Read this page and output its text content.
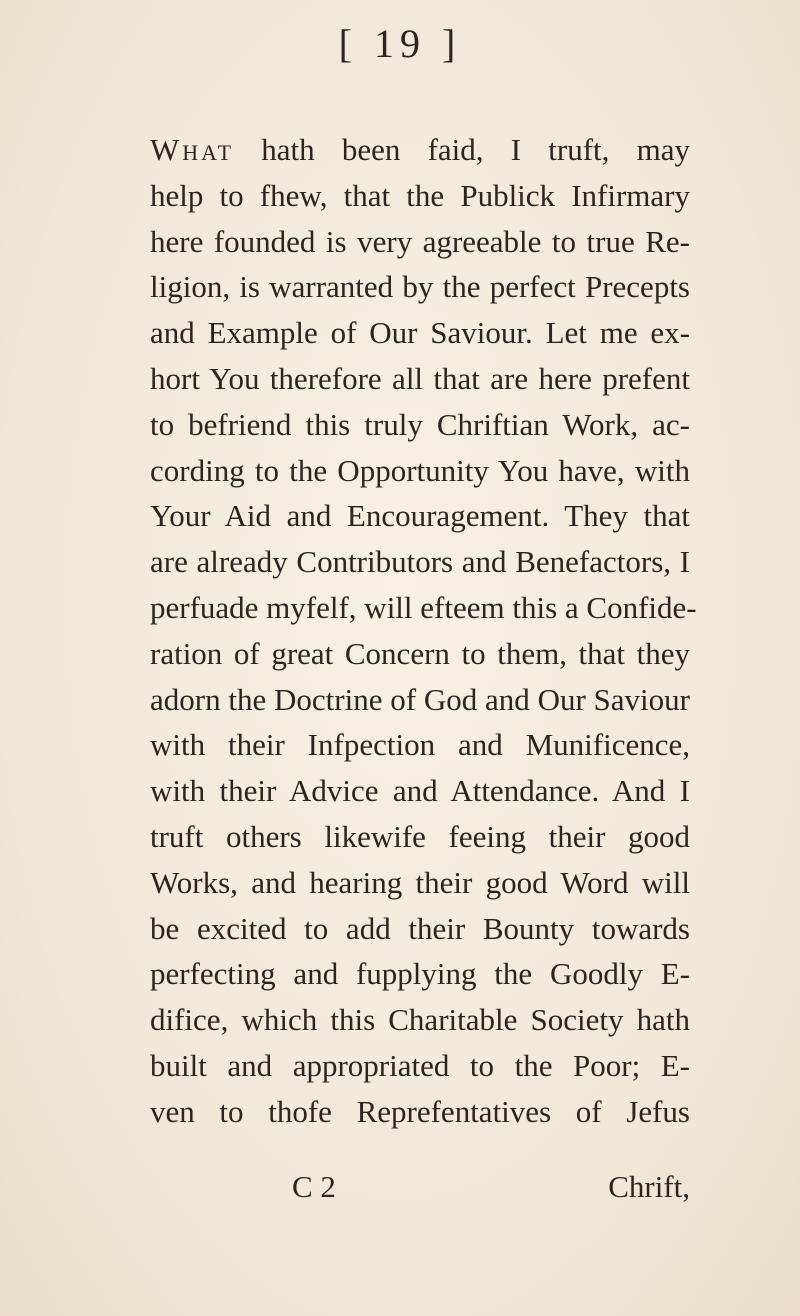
[ 19 ]
What hath been faid, I truft, may
help to fhew, that the Publick Infirmary
here founded is very agreeable to true Re-
ligion, is warranted by the perfect Precepts
and Example of Our Saviour. Let me ex-
hort You therefore all that are here prefent
to befriend this truly Chriftian Work, ac-
cording to the Opportunity You have, with
Your Aid and Encouragement. They that
are already Contributors and Benefactors, I
perfuade myfelf, will efteem this a Confide-
ration of great Concern to them, that they
adorn the Doctrine of God and Our Saviour
with their Infpection and Munificence,
with their Advice and Attendance. And I
truft others likewife feeing their good
Works, and hearing their good Word will
be excited to add their Bounty towards
perfecting and fupplying the Goodly E-
difice, which this Charitable Society hath
built and appropriated to the Poor; E-
ven to thofe Reprefentatives of Jefus
C 2	Chrift,
